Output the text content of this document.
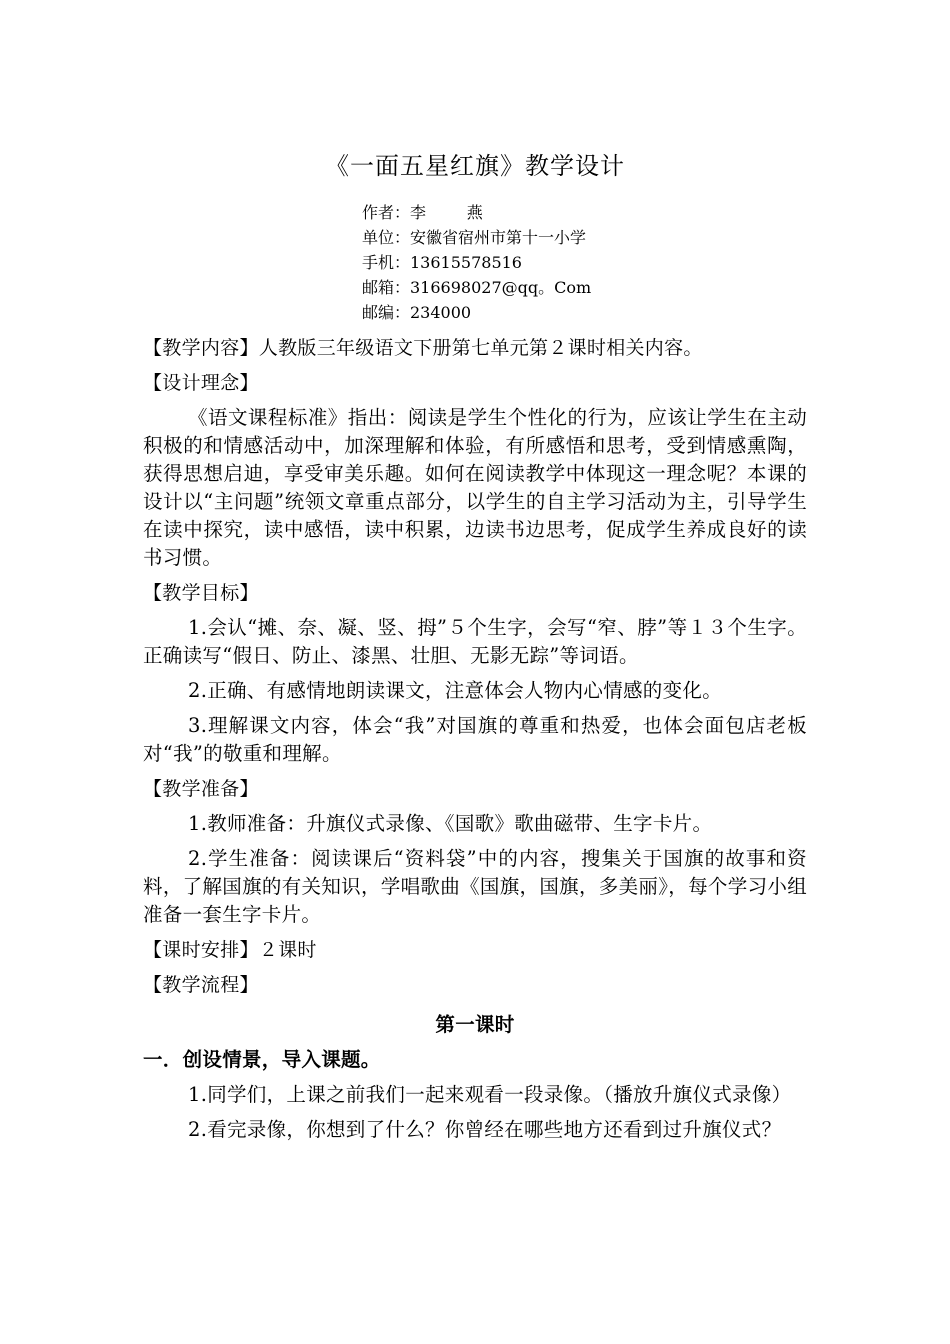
《一面五星红旗》教学设计
作者：李        燕
单位：安徽省宿州市第十一小学
手机：13615578516
邮箱：316698027@qq。Com
邮编：234000

【教学内容】人教版三年级语文下册第七单元第２课时相关内容。

【设计理念】

《语文课程标准》指出：阅读是学生个性化的行为，应该让学生在主动积极的和情感活动中，加深理解和体验，有所感悟和思考，受到情感熏陶，获得思想启迪，享受审美乐趣。如何在阅读教学中体现这一理念呢？本课的设计以“主问题”统领文章重点部分，以学生的自主学习活动为主，引导学生在读中探究，读中感悟，读中积累，边读书边思考，促成学生养成良好的读书习惯。

【教学目标】

1.会认“摊、奈、凝、竖、拇”５个生字，会写“窄、脖”等１３个生字。正确读写“假日、防止、漆黑、壮胆、无影无踪”等词语。

2.正确、有感情地朗读课文，注意体会人物内心情感的变化。

3.理解课文内容，体会“我”对国旗的尊重和热爱，也体会面包店老板对“我”的敬重和理解。

【教学准备】

1.教师准备：升旗仪式录像、《国歌》歌曲磁带、生字卡片。

2.学生准备：阅读课后“资料袋”中的内容，搜集关于国旗的故事和资料，了解国旗的有关知识，学唱歌曲《国旗，国旗，多美丽》，每个学习小组准备一套生字卡片。

【课时安排】２课时

【教学流程】

第一课时

一．创设情景，导入课题。

1.同学们，上课之前我们一起来观看一段录像。（播放升旗仪式录像）

2.看完录像，你想到了什么？你曾经在哪些地方还看到过升旗仪式？
